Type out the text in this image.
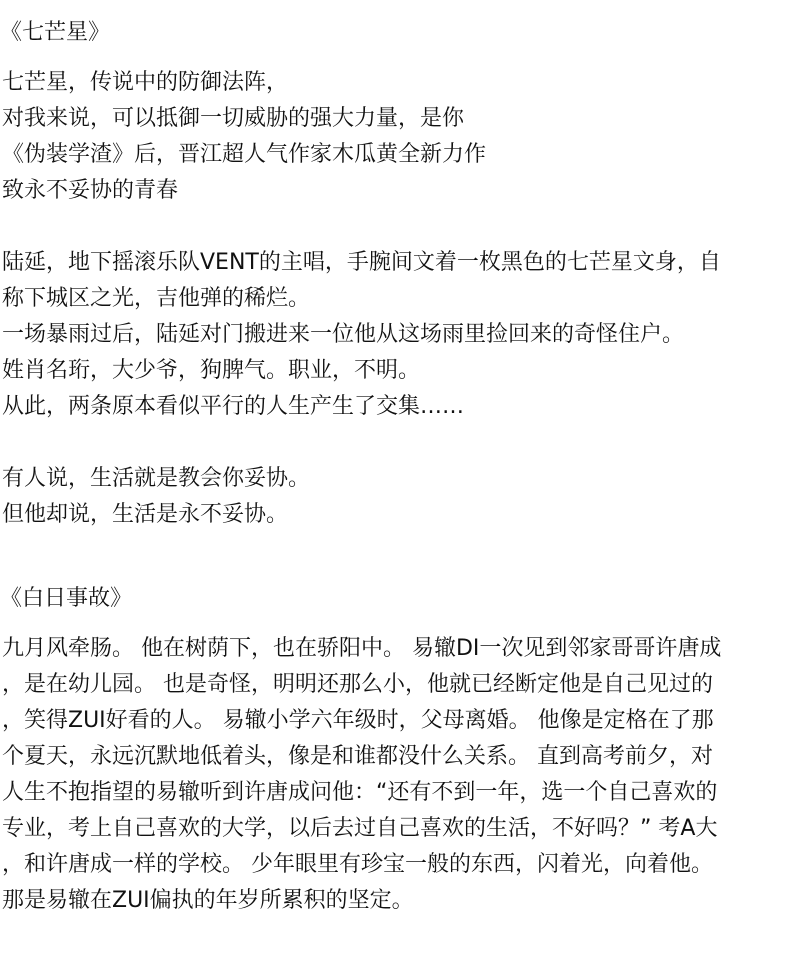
《七芒星》
七芒星，传说中的防御法阵，
对我来说，可以抵御一切威胁的强大力量，是你
《伪装学渣》后，晋江超人气作家木瓜黄全新力作
致永不妥协的青春
陆延，地下摇滚乐队VENT的主唱，手腕间文着一枚黑色的七芒星文身，自
称下城区之光，吉他弹的稀烂。
一场暴雨过后，陆延对门搬进来一位他从这场雨里捡回来的奇怪住户。
姓肖名珩，大少爷，狗脾气。职业，不明。
从此，两条原本看似平行的人生产生了交集……
有人说，生活就是教会你妥协。
但他却说，生活是永不妥协。
《白日事故》
九月风牵肠。 他在树荫下，也在骄阳中。 易辙DI一次见到邻家哥哥许唐成
，是在幼儿园。 也是奇怪，明明还那么小，他就已经断定他是自己见过的
，笑得ZUI好看的人。 易辙小学六年级时，父母离婚。 他像是定格在了那
个夏天，永远沉默地低着头，像是和谁都没什么关系。 直到高考前夕，对
人生不抱指望的易辙听到许唐成问他：“还有不到一年，选一个自己喜欢的
专业，考上自己喜欢的大学，以后去过自己喜欢的生活，不好吗？” 考A大
，和许唐成一样的学校。 少年眼里有珍宝一般的东西，闪着光，向着他。
那是易辙在ZUI偏执的年岁所累积的坚定。
